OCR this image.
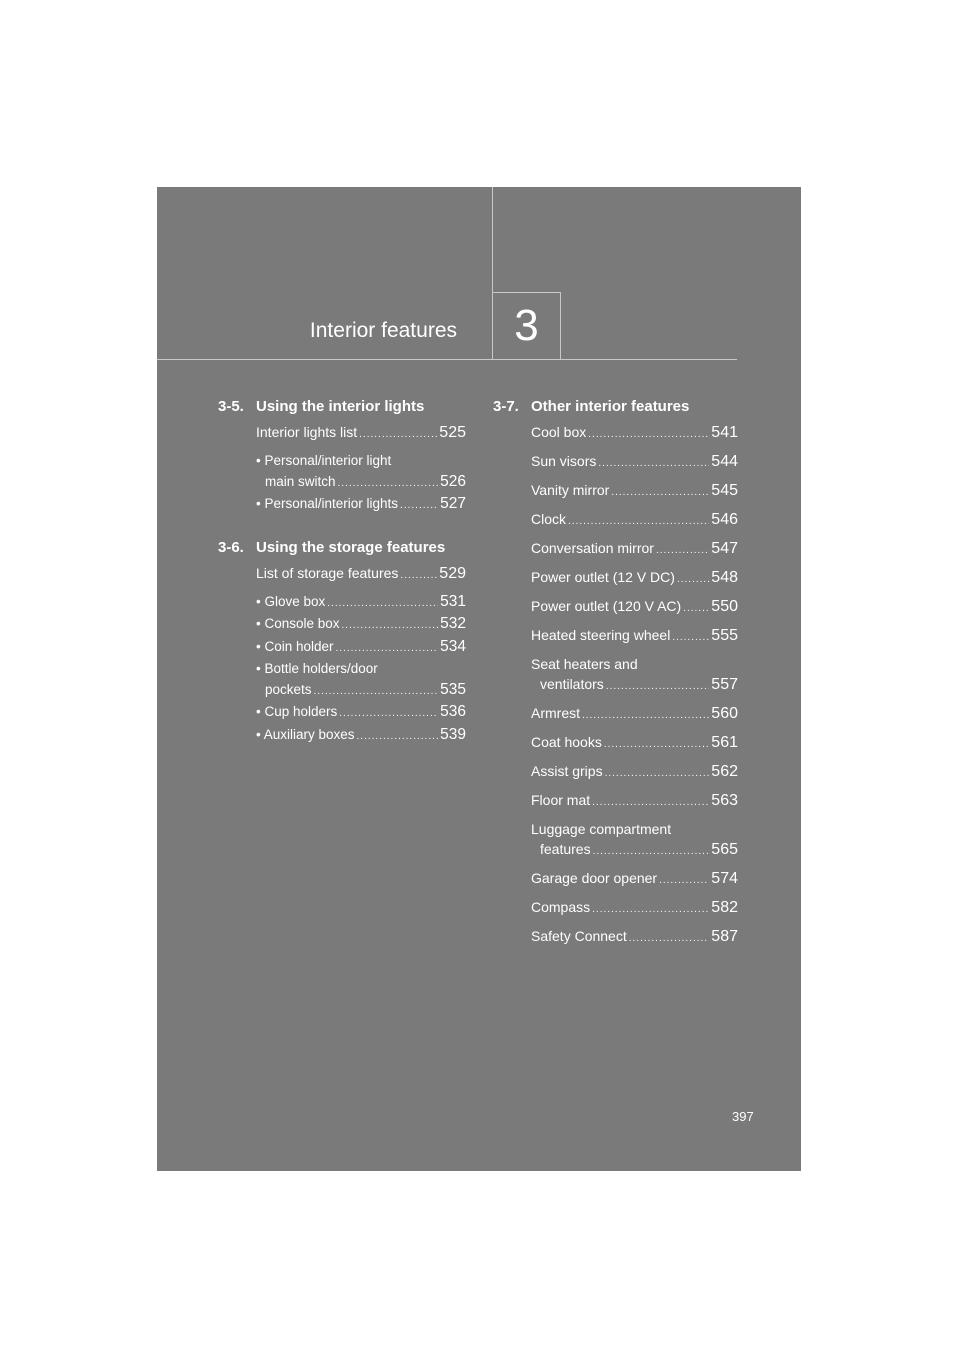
Interior features 3
3-5. Using the interior lights
Interior lights list .....	525
• Personal/interior light
main switch .....	526
• Personal/interior lights .....	527
3-6. Using the storage features
List of storage features .....	529
• Glove box .....	531
• Console box .....	532
• Coin holder .....	534
• Bottle holders/door
pockets .....	535
• Cup holders .....	536
• Auxiliary boxes .....	539
3-7. Other interior features
Cool box .....	541
Sun visors .....	544
Vanity mirror .....	545
Clock .....	546
Conversation mirror .....	547
Power outlet (12 V DC) ..... 548
Power outlet (120 V AC) ..... 550
Heated steering wheel .....	555
Seat heaters and
ventilators .....	557
Armrest .....	560
Coat hooks .....	561
Assist grips .....	562
Floor mat .....	563
Luggage compartment
features .....	565
Garage door opener .....	574
Compass .....	582
Safety Connect .....	587
397
